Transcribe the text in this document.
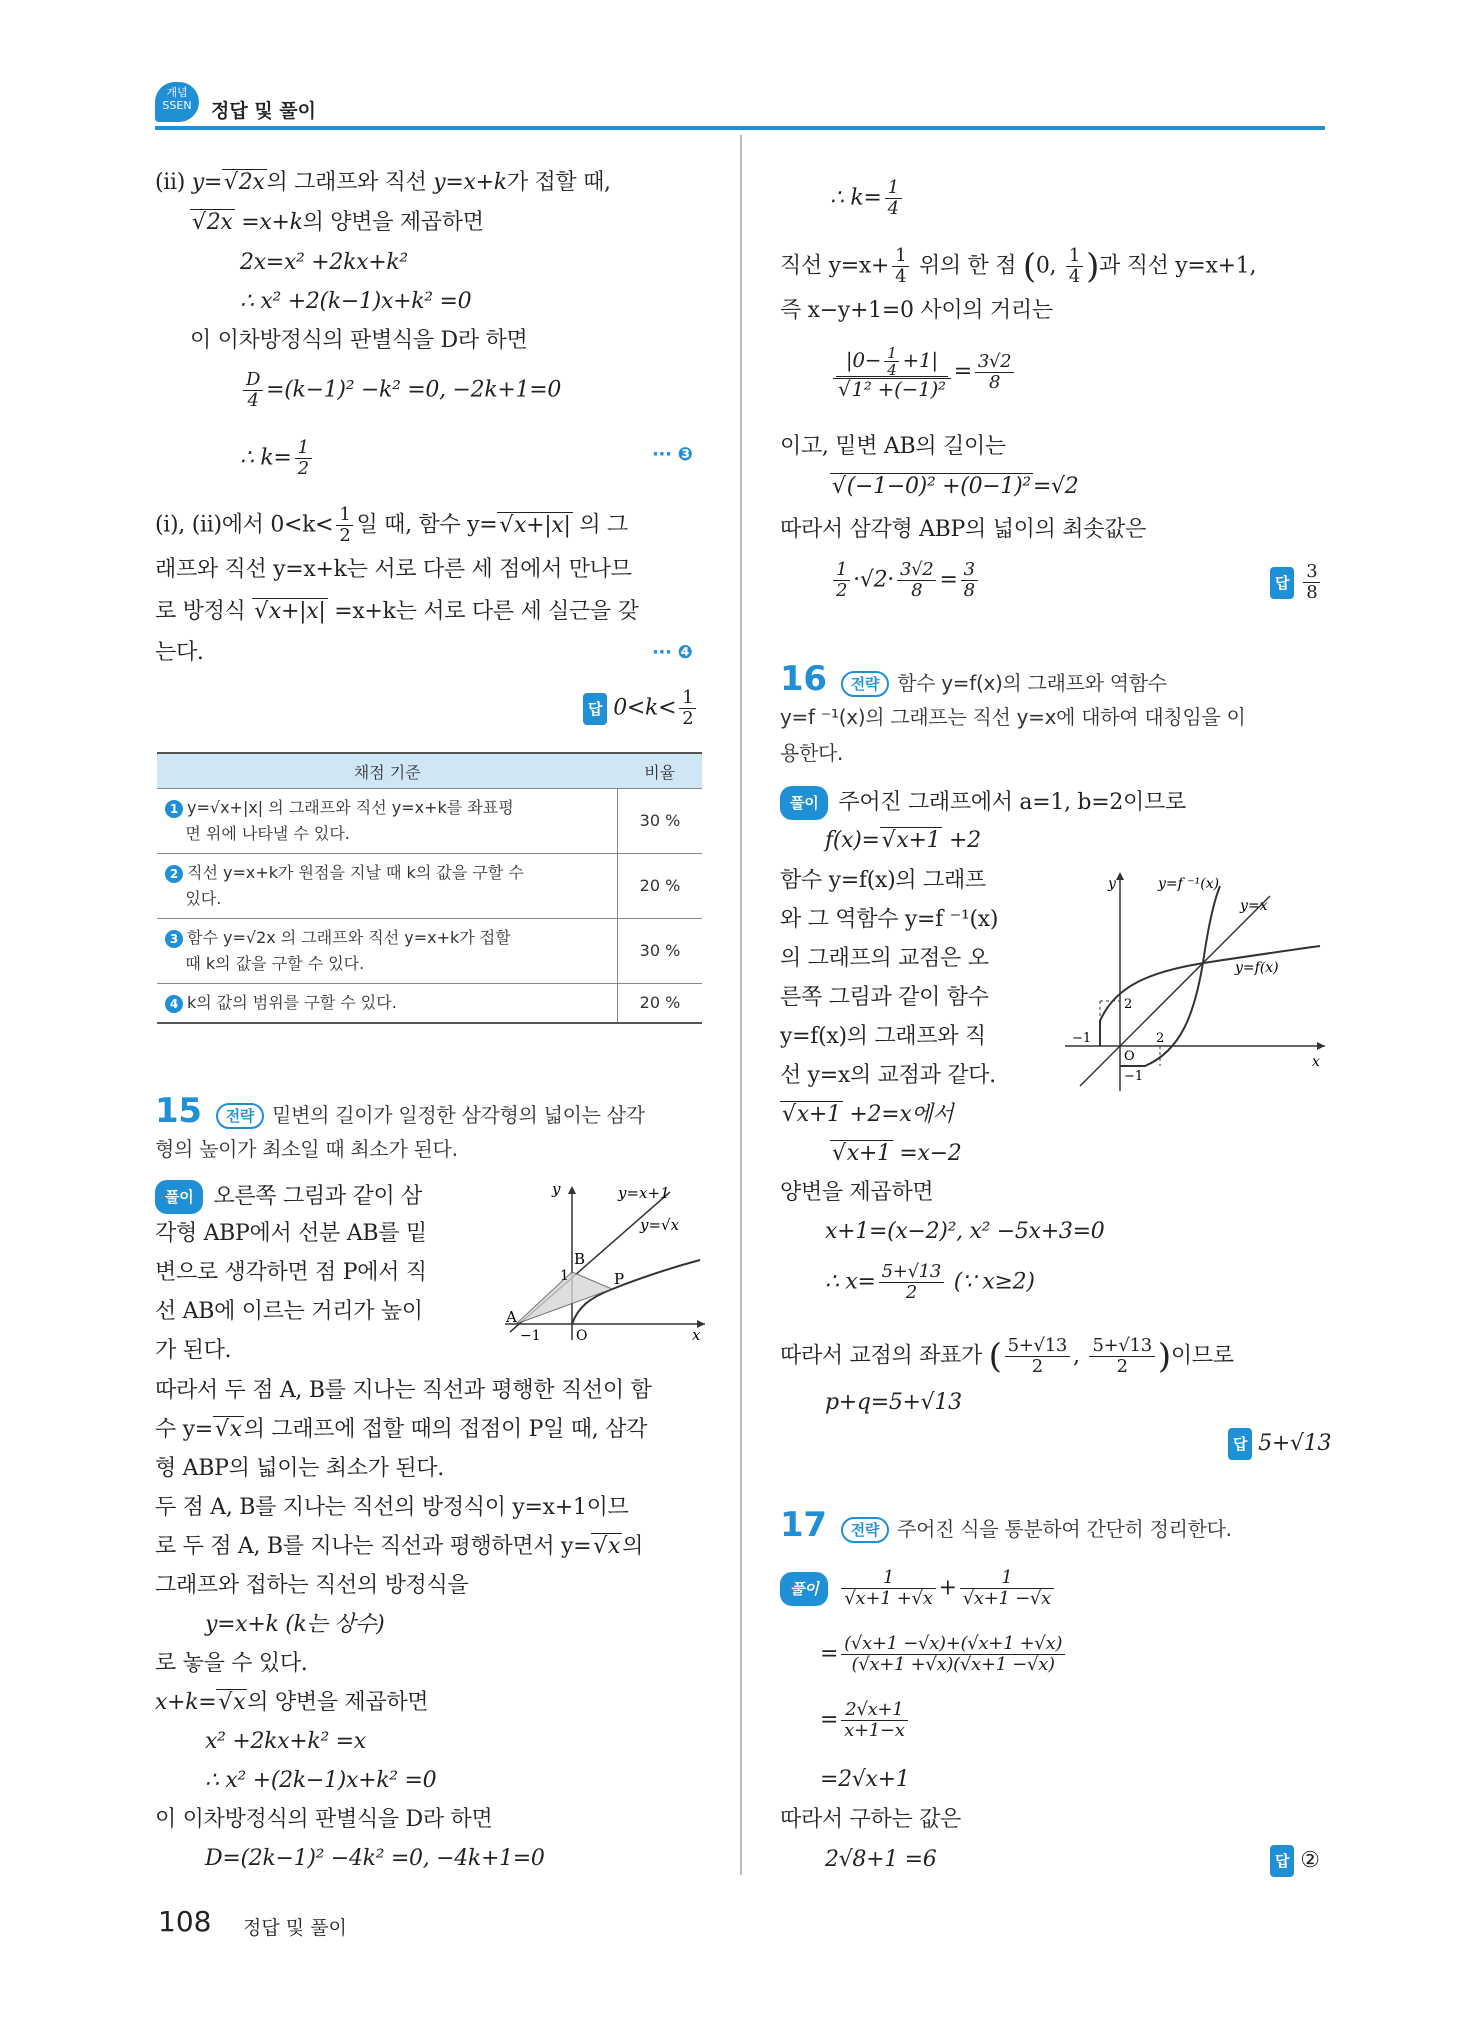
개념
SSEN	정답 및 풀이
(ii) y= √ 2x의 그래프와 직선 y=x+k가 접할 때,
√ 2x =x+k의 양변을 제곱하면
2x=x² +2kx+k²
∴ x² +2(k−1)x+k² =0
이 이차방정식의 판별식을 D라 하면
$\frac{D}{4} =(k-1)^2 -k^2 =0$, −2k+1=0
∴ $k= \frac{1}{2}$	··· ❸
(i), (ii)에서 $0<k< \frac{1}{2}$ 일 때, 함수 y= √ x+|x| 의 그
래프와 직선 y=x+k는 서로 다른 세 점에서 만나므
로 방정식 √ x+|x| =x+k는 서로 다른 세 실근을 갖
는다.	··· ❹
답 $0<k< \frac{1}{2}$
채점 기준	비율
1 y=√x+|x| 의 그래프와 직선 y=x+k를 좌표평
면 위에 나타낼 수 있다.	30 %
2 직선 y=x+k가 원점을 지날 때 k의 값을 구할 수
있다.	20 %
3 함수 y=√2x 의 그래프와 직선 y=x+k가 접할
때 k의 값을 구할 수 있다.	30 %
4 k의 값의 범위를 구할 수 있다.	20 %
15 전략 밑변의 길이가 일정한 삼각형의 넓이는 삼각
형의 높이가 최소일 때 최소가 된다.
풀이 오른쪽 그림과 같이 삼
각형 ABP에서 선분 AB를 밑
변으로 생각하면 점 P에서 직
선 AB에 이르는 거리가 높이
가 된다.
y
x
y=x+1
y=√x
B
A
P
O
1
−1
따라서 두 점 A, B를 지나는 직선과 평행한 직선이 함
수 y= √ x의 그래프에 접할 때의 접점이 P일 때, 삼각
형 ABP의 넓이는 최소가 된다.
두 점 A, B를 지나는 직선의 방정식이 y=x+1이므
로 두 점 A, B를 지나는 직선과 평행하면서 y= √ x의
그래프와 접하는 직선의 방정식을
y=x+k (k는 상수)
로 놓을 수 있다.
x+k= √ x의 양변을 제곱하면
x² +2kx+k² =x
∴ x² +(2k−1)x+k² =0
이 이차방정식의 판별식을 D라 하면
D=(2k−1)² −4k² =0, −4k+1=0
∴ $k= \frac{1}{4}$
직선 $y=x+ \frac{1}{4}$ 위의 한 점 (0, $\frac{1}{4}$ )과 직선 y=x+1,
즉 x−y+1=0 사이의 거리는
$|0- \frac{1}{4} +1|$
√ $1^2 +(-1)^2 = \frac{3√2}{8}$
이고, 밑변 AB의 길이는
√ (−1−0)² +(0−1)²=√2
따라서 삼각형 ABP의 넓이의 최솟값은
$\frac{1}{2} \cdot√2\cdot \frac{3√2}{8} = \frac{3}{8}$	답 $\frac{3}{8}$
16 전략 함수 y=f(x)의 그래프와 역함수
y=f ⁻¹(x)의 그래프는 직선 y=x에 대하여 대칭임을 이
용한다.
풀이 주어진 그래프에서 a=1, b=2이므로
f(x)= √ x+1 +2
함수 y=f(x)의 그래프
와 그 역함수 y=f ⁻¹(x)
의 그래프의 교점은 오
른쪽 그림과 같이 함수
y=f(x)의 그래프와 직
선 y=x의 교점과 같다.
y
x
y=f ⁻¹(x)
y=x
y=f(x)
2
2
−1
−1
O
√ x+1 +2=x에서
√ x+1 =x−2
양변을 제곱하면
x+1=(x−2)², x² −5x+3=0
∴ $x= \frac{5+√13}{2}$ (∵ x≥2)
따라서 교점의 좌표가 ( $\frac{5+√13}{2}$ , $\frac{5+√13}{2}$ )이므로
p+q=5+√13
답 5+√13
17 전략 주어진 식을 통분하여 간단히 정리한다.
풀이 $\frac{1}{√x+1 +√x} + \frac{1}{√x+1 -√x}$
= $\frac{(√x+1 -√x)+(√x+1 +√x)}{(√x+1 +√x)(√x+1 -√x)}$
= $\frac{2√x+1}{x+1-x}$
=2√x+1
따라서 구하는 값은
2√8+1 =6	답 ②
108 정답 및 풀이
